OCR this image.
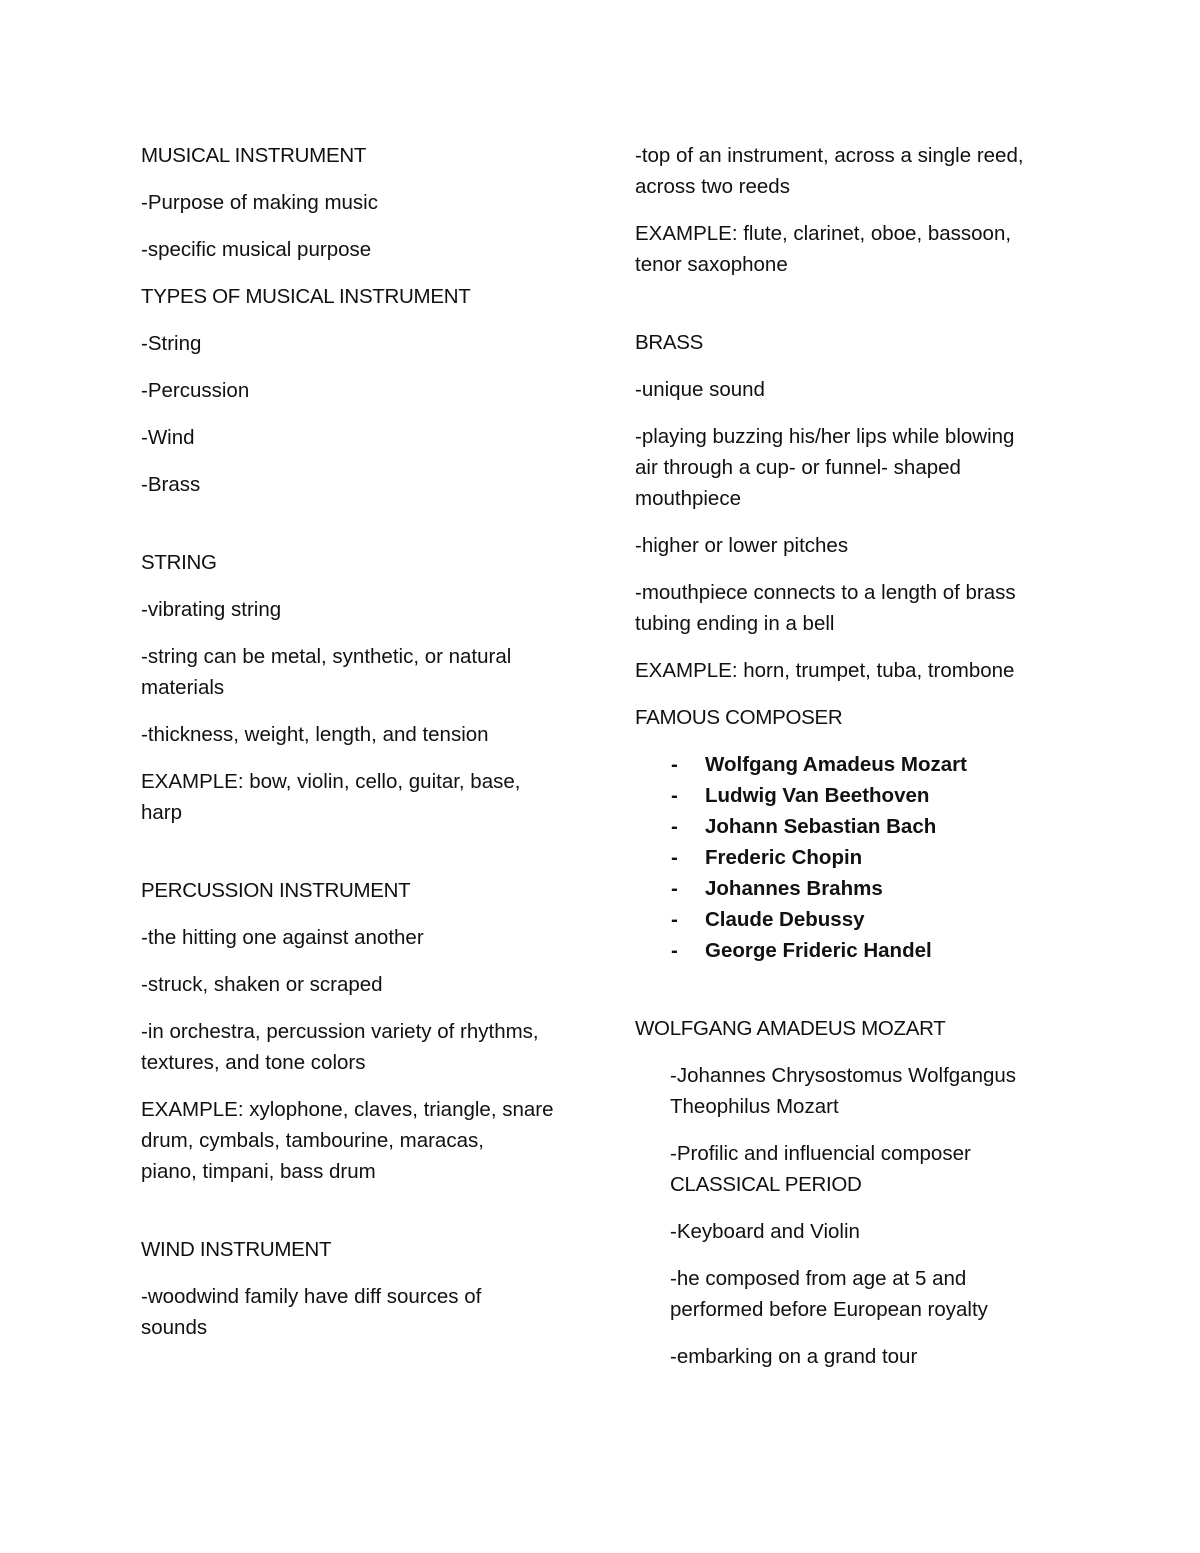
MUSICAL INSTRUMENT
-Purpose of making music
-specific musical purpose
TYPES OF MUSICAL INSTRUMENT
-String
-Percussion
-Wind
-Brass
STRING
-vibrating string
-string can be metal, synthetic, or natural
materials
-thickness, weight, length, and tension
EXAMPLE: bow, violin, cello, guitar, base,
harp
PERCUSSION INSTRUMENT
-the hitting one against another
-struck, shaken or scraped
-in orchestra, percussion variety of rhythms,
textures, and tone colors
EXAMPLE: xylophone, claves, triangle, snare
drum, cymbals, tambourine, maracas,
piano, timpani, bass drum
WIND INSTRUMENT
-woodwind family have diff sources of
sounds
-top of an instrument, across a single reed,
across two reeds
EXAMPLE: flute, clarinet, oboe, bassoon,
tenor saxophone
BRASS
-unique sound
-playing buzzing his/her lips while blowing
air through a cup- or funnel- shaped
mouthpiece
-higher or lower pitches
-mouthpiece connects to a length of brass
tubing ending in a bell
EXAMPLE: horn, trumpet, tuba, trombone
FAMOUS COMPOSER
- Wolfgang Amadeus Mozart
- Ludwig Van Beethoven
- Johann Sebastian Bach
- Frederic Chopin
- Johannes Brahms
- Claude Debussy
- George Frideric Handel
WOLFGANG AMADEUS MOZART
-Johannes Chrysostomus Wolfgangus
Theophilus Mozart
-Profilic and influencial composer
CLASSICAL PERIOD
-Keyboard and Violin
-he composed from age at 5 and
performed before European royalty
-embarking on a grand tour
